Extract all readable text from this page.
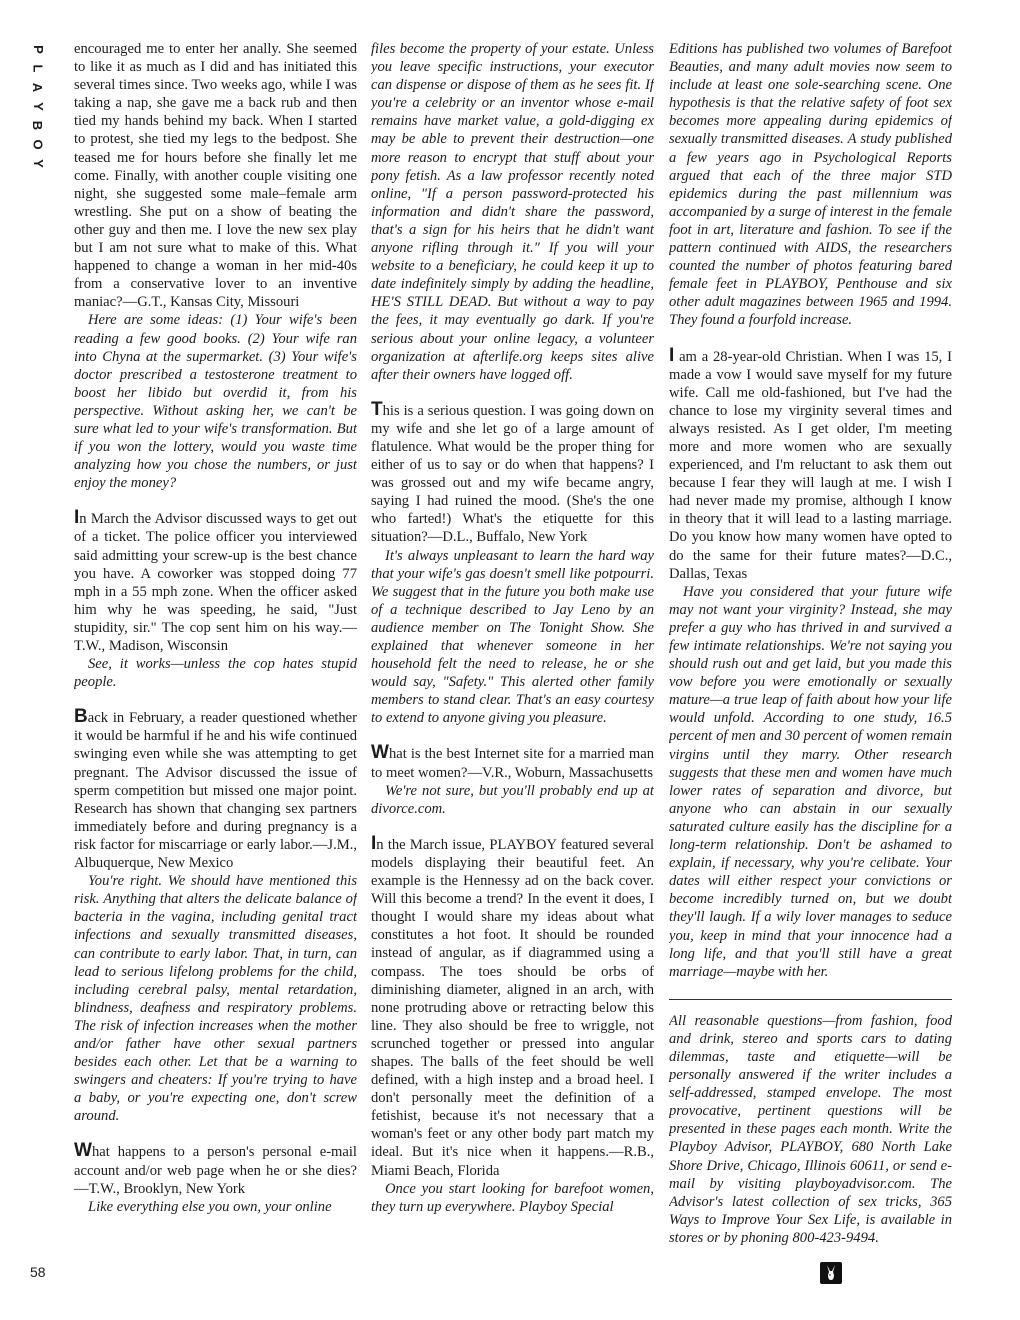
P
L
A
Y
B
O
Y
58

encouraged me to enter her anally. She seemed to like it as much as I did and has initiated this several times since. Two weeks ago, while I was taking a nap, she gave me a back rub and then tied my hands behind my back. When I started to protest, she tied my legs to the bedpost. She teased me for hours before she finally let me come. Finally, with another couple visiting one night, she suggested some male–female arm wrestling. She put on a show of beating the other guy and then me. I love the new sex play but I am not sure what to make of this. What happened to change a woman in her mid-40s from a conservative lover to an inventive maniac?—G.T., Kansas City, Missouri

Here are some ideas: (1) Your wife's been reading a few good books. (2) Your wife ran into Chyna at the supermarket. (3) Your wife's doctor prescribed a testosterone treatment to boost her libido but overdid it, from his perspective. Without asking her, we can't be sure what led to your wife's transformation. But if you won the lottery, would you waste time analyzing how you chose the numbers, or just enjoy the money?

In March the Advisor discussed ways to get out of a ticket. The police officer you interviewed said admitting your screw-up is the best chance you have. A coworker was stopped doing 77 mph in a 55 mph zone. When the officer asked him why he was speeding, he said, "Just stupidity, sir." The cop sent him on his way.—T.W., Madison, Wisconsin

See, it works—unless the cop hates stupid people.

Back in February, a reader questioned whether it would be harmful if he and his wife continued swinging even while she was attempting to get pregnant. The Advisor discussed the issue of sperm competition but missed one major point. Research has shown that changing sex partners immediately before and during pregnancy is a risk factor for miscarriage or early labor.—J.M., Albuquerque, New Mexico

You're right. We should have mentioned this risk. Anything that alters the delicate balance of bacteria in the vagina, including genital tract infections and sexually transmitted diseases, can contribute to early labor. That, in turn, can lead to serious lifelong problems for the child, including cerebral palsy, mental retardation, blindness, deafness and respiratory problems. The risk of infection increases when the mother and/or father have other sexual partners besides each other. Let that be a warning to swingers and cheaters: If you're trying to have a baby, or you're expecting one, don't screw around.

What happens to a person's personal e-mail account and/or web page when he or she dies?—T.W., Brooklyn, New York

Like everything else you own, your online

files become the property of your estate. Unless you leave specific instructions, your executor can dispense or dispose of them as he sees fit. If you're a celebrity or an inventor whose e-mail remains have market value, a gold-digging ex may be able to prevent their destruction—one more reason to encrypt that stuff about your pony fetish. As a law professor recently noted online, "If a person password-protected his information and didn't share the password, that's a sign for his heirs that he didn't want anyone rifling through it." If you will your website to a beneficiary, he could keep it up to date indefinitely simply by adding the headline, HE'S STILL DEAD. But without a way to pay the fees, it may eventually go dark. If you're serious about your online legacy, a volunteer organization at afterlife.org keeps sites alive after their owners have logged off.

This is a serious question. I was going down on my wife and she let go of a large amount of flatulence. What would be the proper thing for either of us to say or do when that happens? I was grossed out and my wife became angry, saying I had ruined the mood. (She's the one who farted!) What's the etiquette for this situation?—D.L., Buffalo, New York

It's always unpleasant to learn the hard way that your wife's gas doesn't smell like potpourri. We suggest that in the future you both make use of a technique described to Jay Leno by an audience member on The Tonight Show. She explained that whenever someone in her household felt the need to release, he or she would say, "Safety." This alerted other family members to stand clear. That's an easy courtesy to extend to anyone giving you pleasure.

What is the best Internet site for a married man to meet women?—V.R., Woburn, Massachusetts

We're not sure, but you'll probably end up at divorce.com.

In the March issue, PLAYBOY featured several models displaying their beautiful feet. An example is the Hennessy ad on the back cover. Will this become a trend? In the event it does, I thought I would share my ideas about what constitutes a hot foot. It should be rounded instead of angular, as if diagrammed using a compass. The toes should be orbs of diminishing diameter, aligned in an arch, with none protruding above or retracting below this line. They also should be free to wriggle, not scrunched together or pressed into angular shapes. The balls of the feet should be well defined, with a high instep and a broad heel. I don't personally meet the definition of a fetishist, because it's not necessary that a woman's feet or any other body part match my ideal. But it's nice when it happens.—R.B., Miami Beach, Florida

Once you start looking for barefoot women, they turn up everywhere. Playboy Special

Editions has published two volumes of Barefoot Beauties, and many adult movies now seem to include at least one sole-searching scene. One hypothesis is that the relative safety of foot sex becomes more appealing during epidemics of sexually transmitted diseases. A study published a few years ago in Psychological Reports argued that each of the three major STD epidemics during the past millennium was accompanied by a surge of interest in the female foot in art, literature and fashion. To see if the pattern continued with AIDS, the researchers counted the number of photos featuring bared female feet in PLAYBOY, Penthouse and six other adult magazines between 1965 and 1994. They found a fourfold increase.

I am a 28-year-old Christian. When I was 15, I made a vow I would save myself for my future wife. Call me old-fashioned, but I've had the chance to lose my virginity several times and always resisted. As I get older, I'm meeting more and more women who are sexually experienced, and I'm reluctant to ask them out because I fear they will laugh at me. I wish I had never made my promise, although I know in theory that it will lead to a lasting marriage. Do you know how many women have opted to do the same for their future mates?—D.C., Dallas, Texas

Have you considered that your future wife may not want your virginity? Instead, she may prefer a guy who has thrived in and survived a few intimate relationships. We're not saying you should rush out and get laid, but you made this vow before you were emotionally or sexually mature—a true leap of faith about how your life would unfold. According to one study, 16.5 percent of men and 30 percent of women remain virgins until they marry. Other research suggests that these men and women have much lower rates of separation and divorce, but anyone who can abstain in our sexually saturated culture easily has the discipline for a long-term relationship. Don't be ashamed to explain, if necessary, why you're celibate. Your dates will either respect your convictions or become incredibly turned on, but we doubt they'll laugh. If a wily lover manages to seduce you, keep in mind that your innocence had a long life, and that you'll still have a great marriage—maybe with her.

All reasonable questions—from fashion, food and drink, stereo and sports cars to dating dilemmas, taste and etiquette—will be personally answered if the writer includes a self-addressed, stamped envelope. The most provocative, pertinent questions will be presented in these pages each month. Write the Playboy Advisor, PLAYBOY, 680 North Lake Shore Drive, Chicago, Illinois 60611, or send e-mail by visiting playboyadvisor.com. The Advisor's latest collection of sex tricks, 365 Ways to Improve Your Sex Life, is available in stores or by phoning 800-423-9494.
